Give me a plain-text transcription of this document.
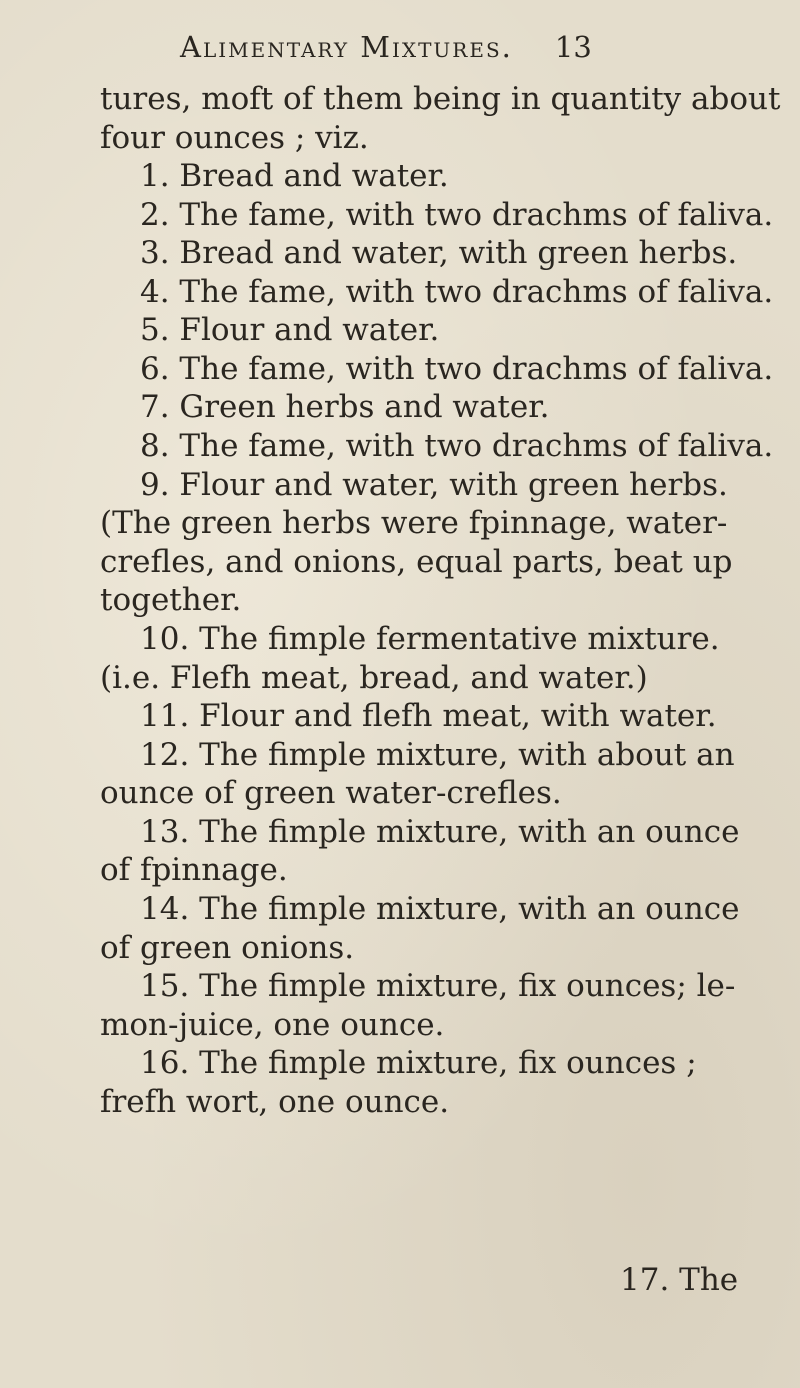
Alimentary Mixtures. 13
tures, moft of them being in quantity about
four ounces ; viz.
1. Bread and water.
2. The fame, with two drachms of faliva.
3. Bread and water, with green herbs.
4. The fame, with two drachms of faliva.
5. Flour and water.
6. The fame, with two drachms of faliva.
7. Green herbs and water.
8. The fame, with two drachms of faliva.
9. Flour and water, with green herbs.
(The green herbs were fpinnage, water-
crefles, and onions, equal parts, beat up
together.
10. The fimple fermentative mixture.
(i.e. Flefh meat, bread, and water.)
11. Flour and flefh meat, with water.
12. The fimple mixture, with about an
ounce of green water-crefles.
13. The fimple mixture, with an ounce
of fpinnage.
14. The fimple mixture, with an ounce
of green onions.
15. The fimple mixture, fix ounces; le-
mon-juice, one ounce.
16. The fimple mixture, fix ounces ;
frefh wort, one ounce.
17. The
